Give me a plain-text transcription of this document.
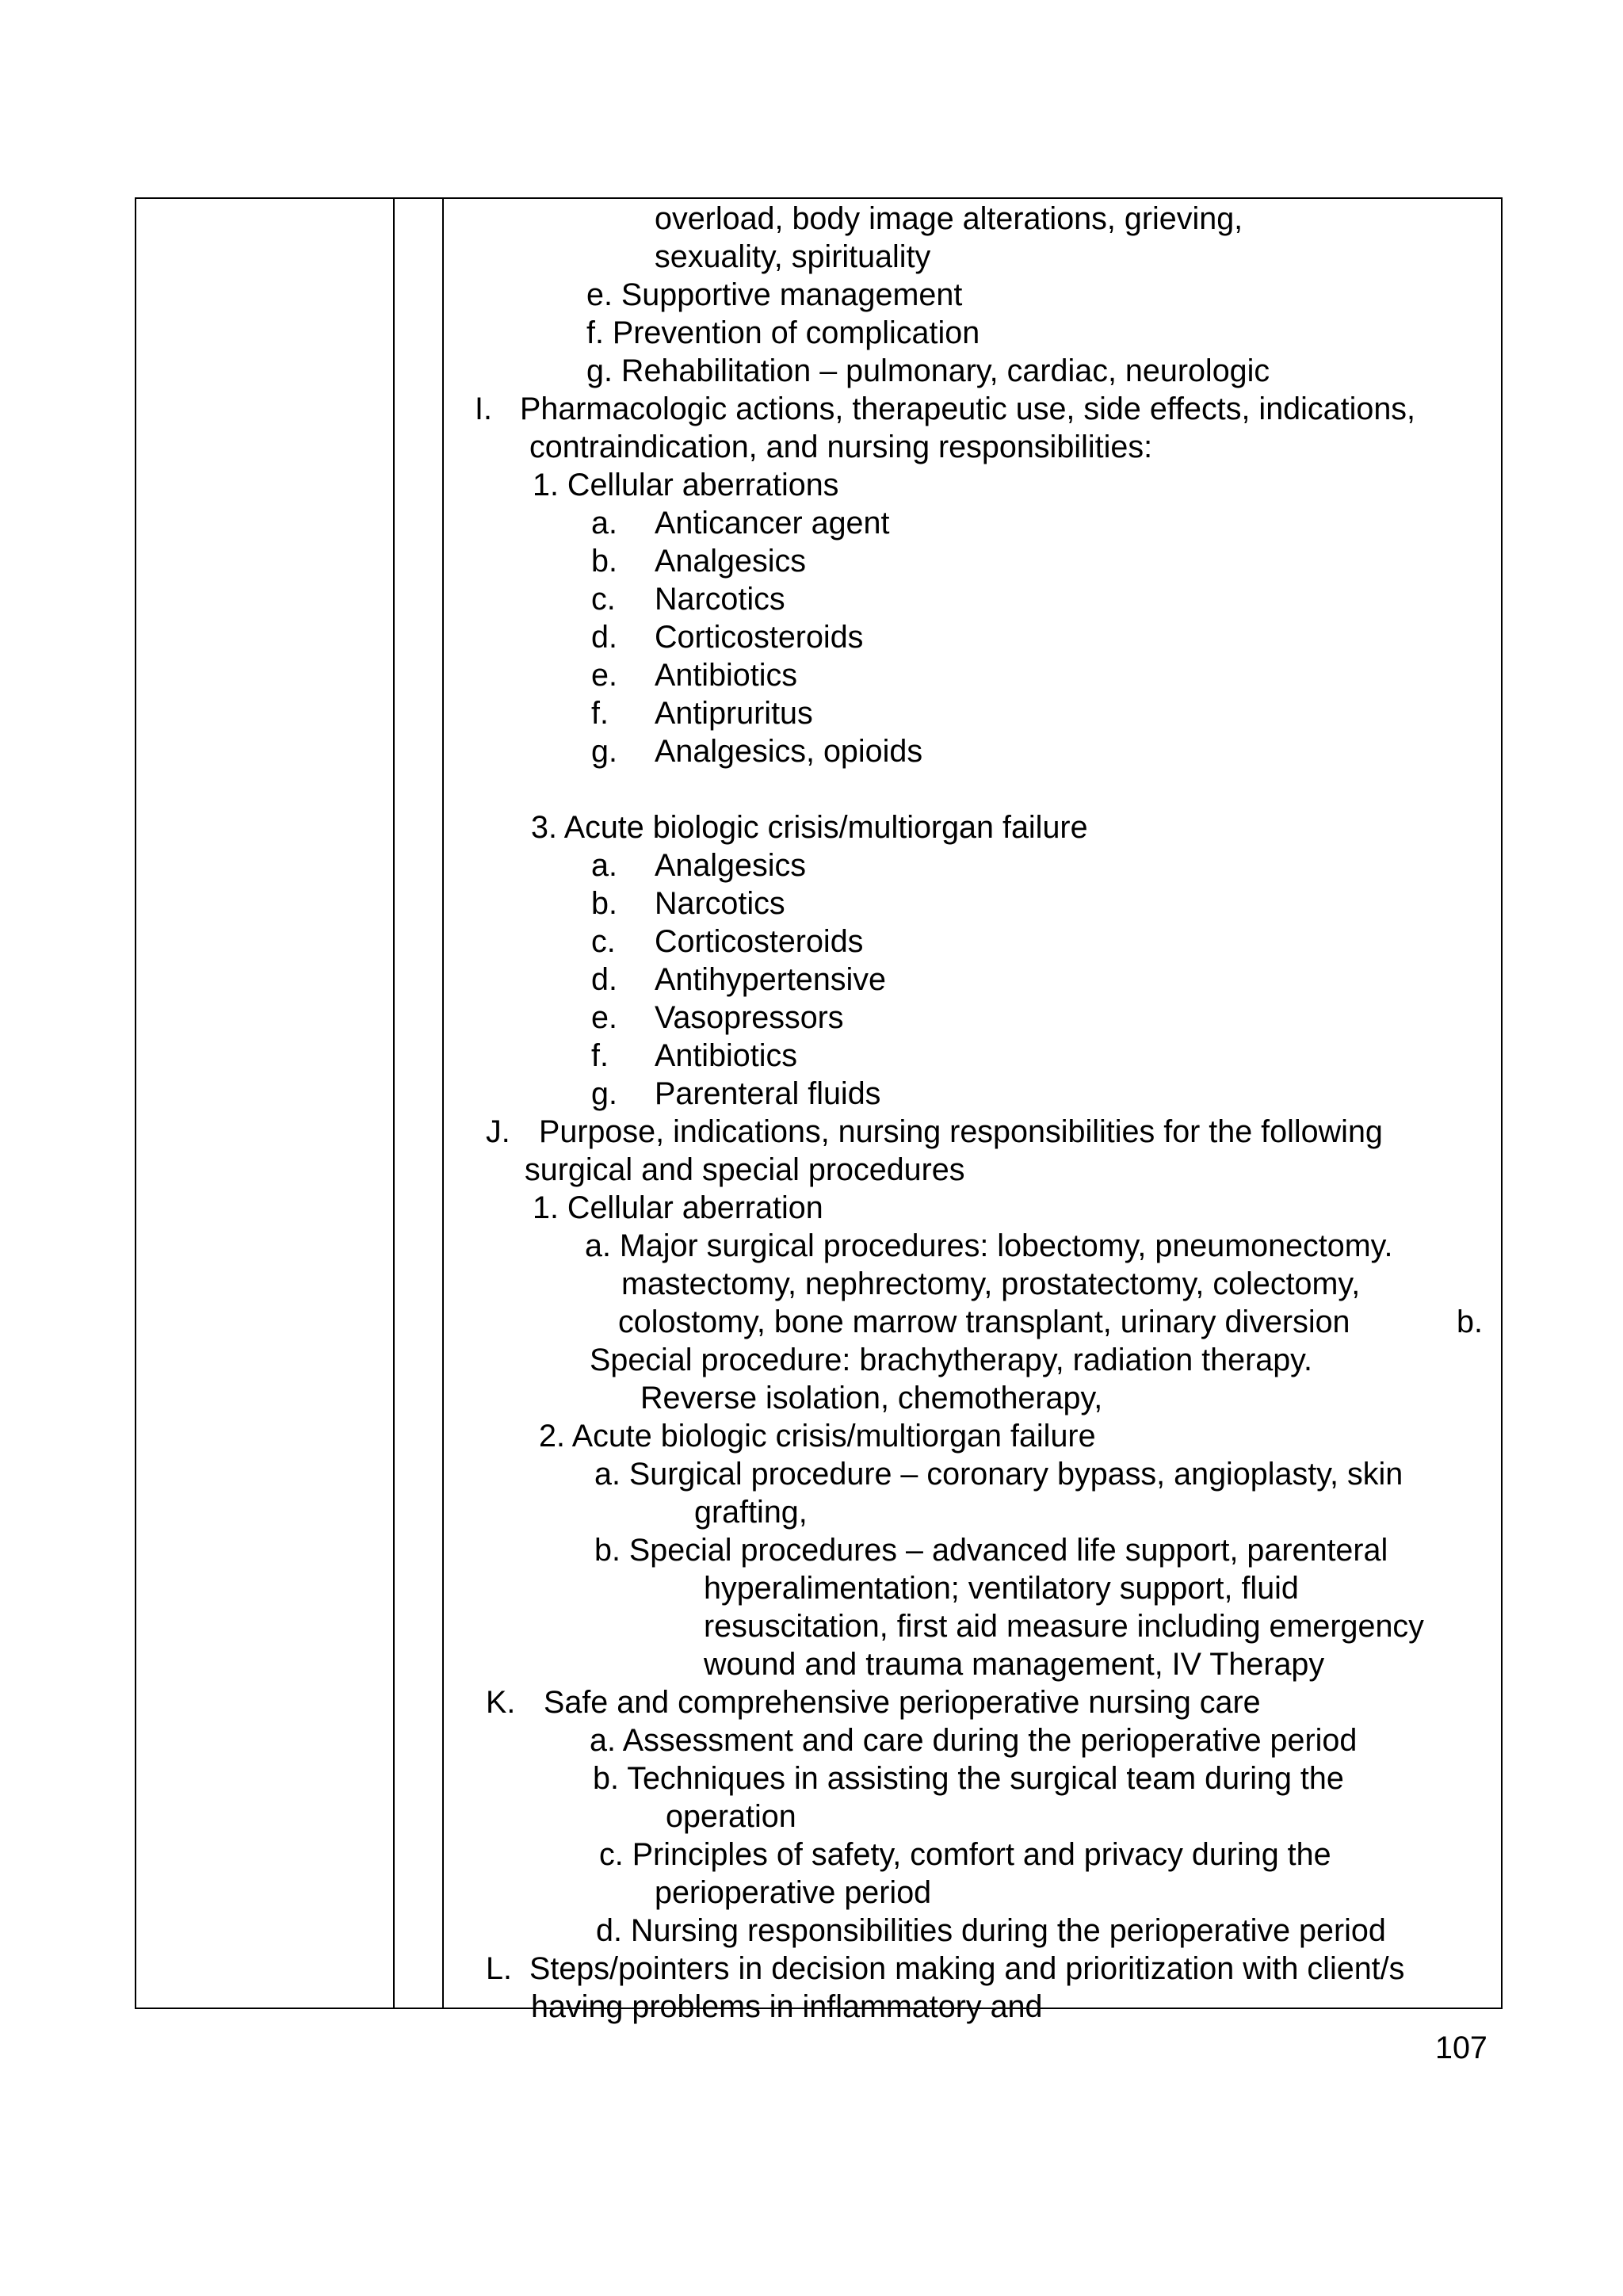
overload, body image alterations, grieving,
sexuality, spirituality
e. Supportive management
f. Prevention of complication
g. Rehabilitation – pulmonary, cardiac, neurologic
I. Pharmacologic actions, therapeutic use, side effects, indications,
contraindication, and nursing responsibilities:
1. Cellular aberrations
a. Anticancer agent
b. Analgesics
c. Narcotics
d. Corticosteroids
e. Antibiotics
f. Antipruritus
g. Analgesics, opioids
3. Acute biologic crisis/multiorgan failure
a. Analgesics
b. Narcotics
c. Corticosteroids
d. Antihypertensive
e. Vasopressors
f. Antibiotics
g. Parenteral fluids
J. Purpose, indications, nursing responsibilities for the following
surgical and special procedures
1. Cellular aberration
a. Major surgical procedures: lobectomy, pneumonectomy.
mastectomy, nephrectomy, prostatectomy, colectomy,
colostomy, bone marrow transplant, urinary diversion	b.
Special procedure: brachytherapy, radiation therapy.
Reverse isolation, chemotherapy,
2. Acute biologic crisis/multiorgan failure
a. Surgical procedure – coronary bypass, angioplasty, skin
grafting,
b. Special procedures – advanced life support, parenteral
hyperalimentation; ventilatory support, fluid
resuscitation, first aid measure including emergency
wound and trauma management, IV Therapy
K. Safe and comprehensive perioperative nursing care
a. Assessment and care during the perioperative period
b. Techniques in assisting the surgical team during the
operation
c. Principles of safety, comfort and privacy during the
perioperative period
d. Nursing responsibilities during the perioperative period
L. Steps/pointers in decision making and prioritization with client/s
having problems in inflammatory and
107
